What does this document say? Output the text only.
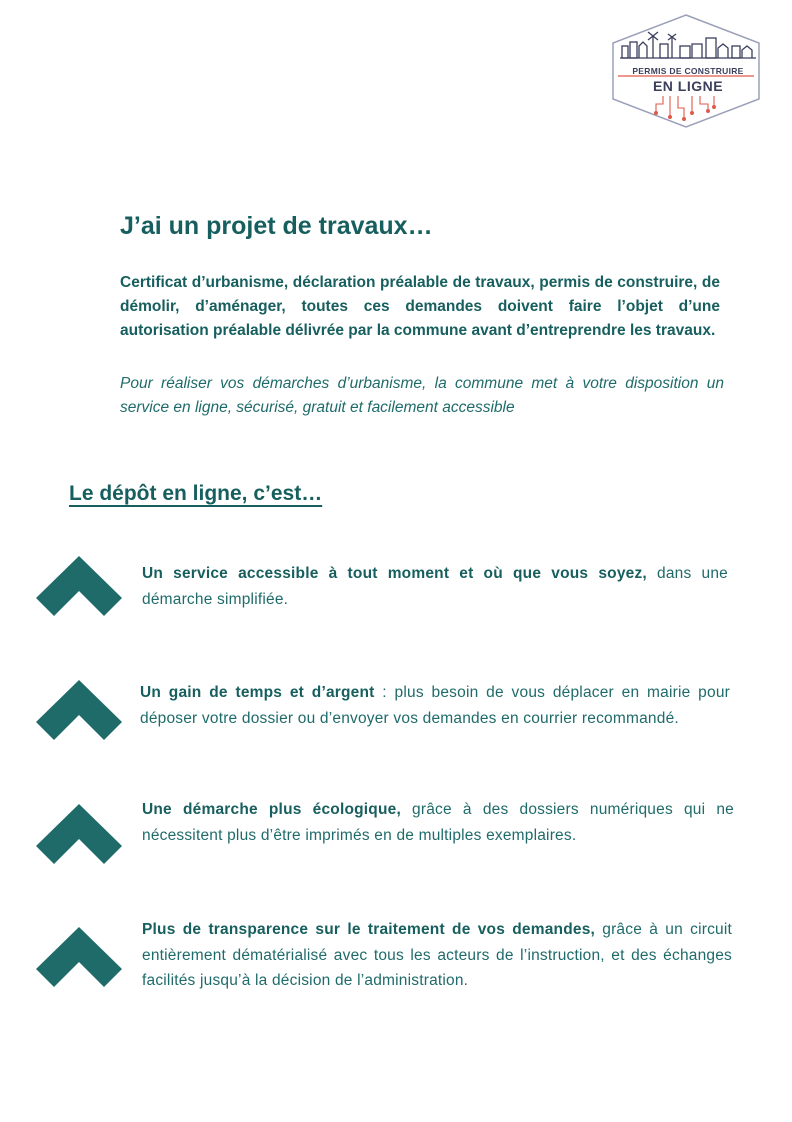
PERMIS DE CONSTRUIRE
EN LIGNE
J’ai un projet de travaux…

Certificat d’urbanisme, déclaration préalable de travaux, permis de construire, de démolir, d’aménager, toutes ces demandes doivent faire l’objet d’une autorisation préalable délivrée par la commune avant d’entreprendre les travaux.

Pour réaliser vos démarches d’urbanisme, la commune met à votre disposition un service en ligne, sécurisé, gratuit et facilement accessible

Le dépôt en ligne, c’est…

Un service accessible à tout moment et où que vous soyez, dans une démarche simplifiée.

Un gain de temps et d’argent : plus besoin de vous déplacer en mairie pour déposer votre dossier ou d’envoyer vos demandes en courrier recommandé.

Une démarche plus écologique, grâce à des dossiers numériques qui ne nécessitent plus d’être imprimés en de multiples exemplaires.

Plus de transparence sur le traitement de vos demandes, grâce à un circuit entièrement dématérialisé avec tous les acteurs de l’instruction, et des échanges facilités jusqu’à la décision de l’administration.
